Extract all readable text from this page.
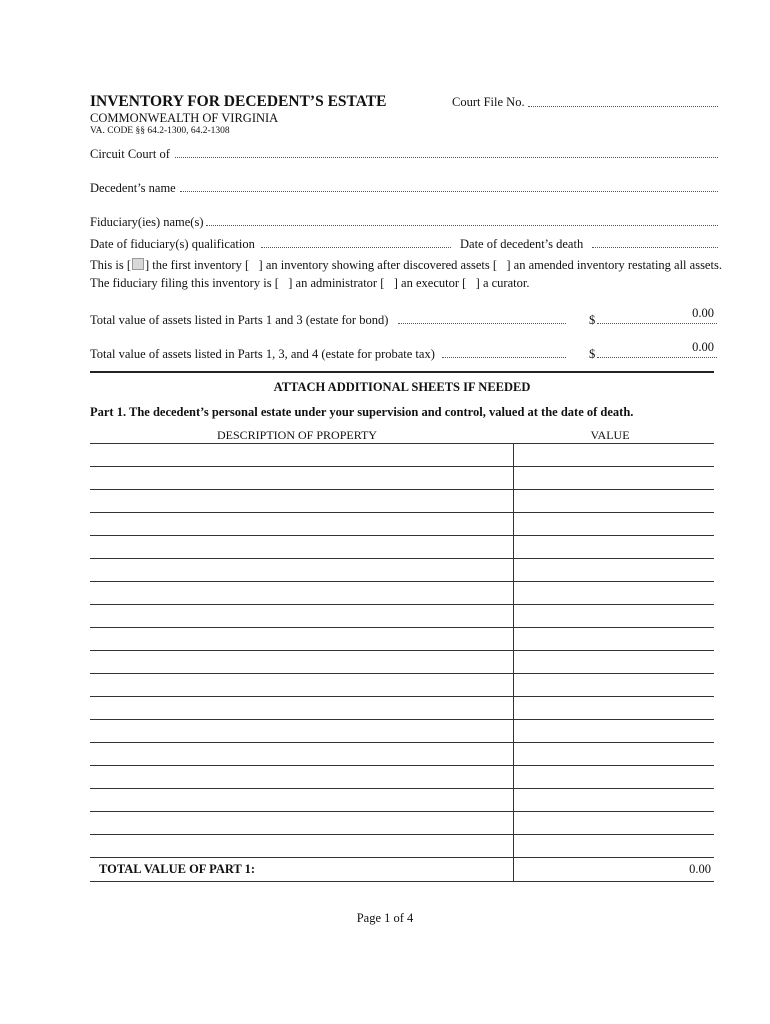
INVENTORY FOR DECEDENT’S ESTATE	Court File No.
COMMONWEALTH OF VIRGINIA
VA. CODE §§ 64.2-1300, 64.2-1308
Circuit Court of
Decedent’s name
Fiduciary(ies) name(s)
Date of fiduciary(s) qualification	Date of decedent’s death
This is [ ] the first inventory [   ] an inventory showing after discovered assets [   ] an amended inventory restating all assets.
The fiduciary filing this inventory is [   ] an administrator [   ] an executor [   ] a curator.
Total value of assets listed in Parts 1 and 3 (estate for bond)	$	0.00
Total value of assets listed in Parts 1, 3, and 4 (estate for probate tax)	$	0.00
ATTACH ADDITIONAL SHEETS IF NEEDED
Part 1. The decedent’s personal estate under your supervision and control, valued at the date of death.
DESCRIPTION OF PROPERTY	VALUE

TOTAL VALUE OF PART 1:	0.00
Page 1 of 4
